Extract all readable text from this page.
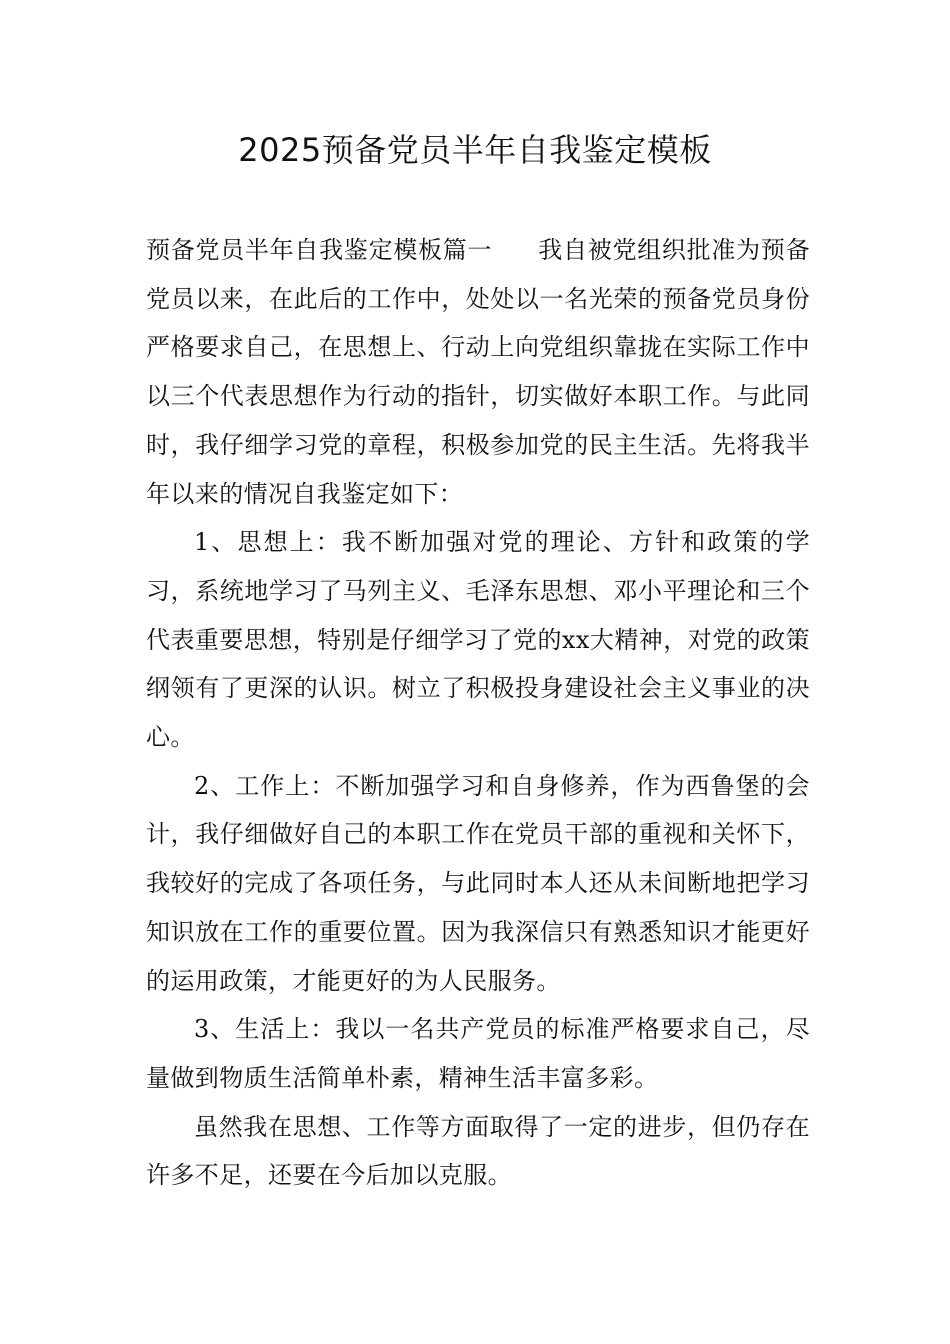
2025预备党员半年自我鉴定模板

预备党员半年自我鉴定模板篇一 我自被党组织批准为预备党员以来，在此后的工作中，处处以一名光荣的预备党员身份严格要求自己，在思想上、行动上向党组织靠拢在实际工作中以三个代表思想作为行动的指针，切实做好本职工作。与此同时，我仔细学习党的章程，积极参加党的民主生活。先将我半年以来的情况自我鉴定如下：

1、思想上：我不断加强对党的理论、方针和政策的学习，系统地学习了马列主义、毛泽东思想、邓小平理论和三个代表重要思想，特别是仔细学习了党的xx大精神，对党的政策纲领有了更深的认识。树立了积极投身建设社会主义事业的决心。

2、工作上：不断加强学习和自身修养，作为西鲁堡的会计，我仔细做好自己的本职工作在党员干部的重视和关怀下，我较好的完成了各项任务，与此同时本人还从未间断地把学习知识放在工作的重要位置。因为我深信只有熟悉知识才能更好的运用政策，才能更好的为人民服务。

3、生活上：我以一名共产党员的标准严格要求自己，尽量做到物质生活简单朴素，精神生活丰富多彩。

虽然我在思想、工作等方面取得了一定的进步，但仍存在许多不足，还要在今后加以克服。
